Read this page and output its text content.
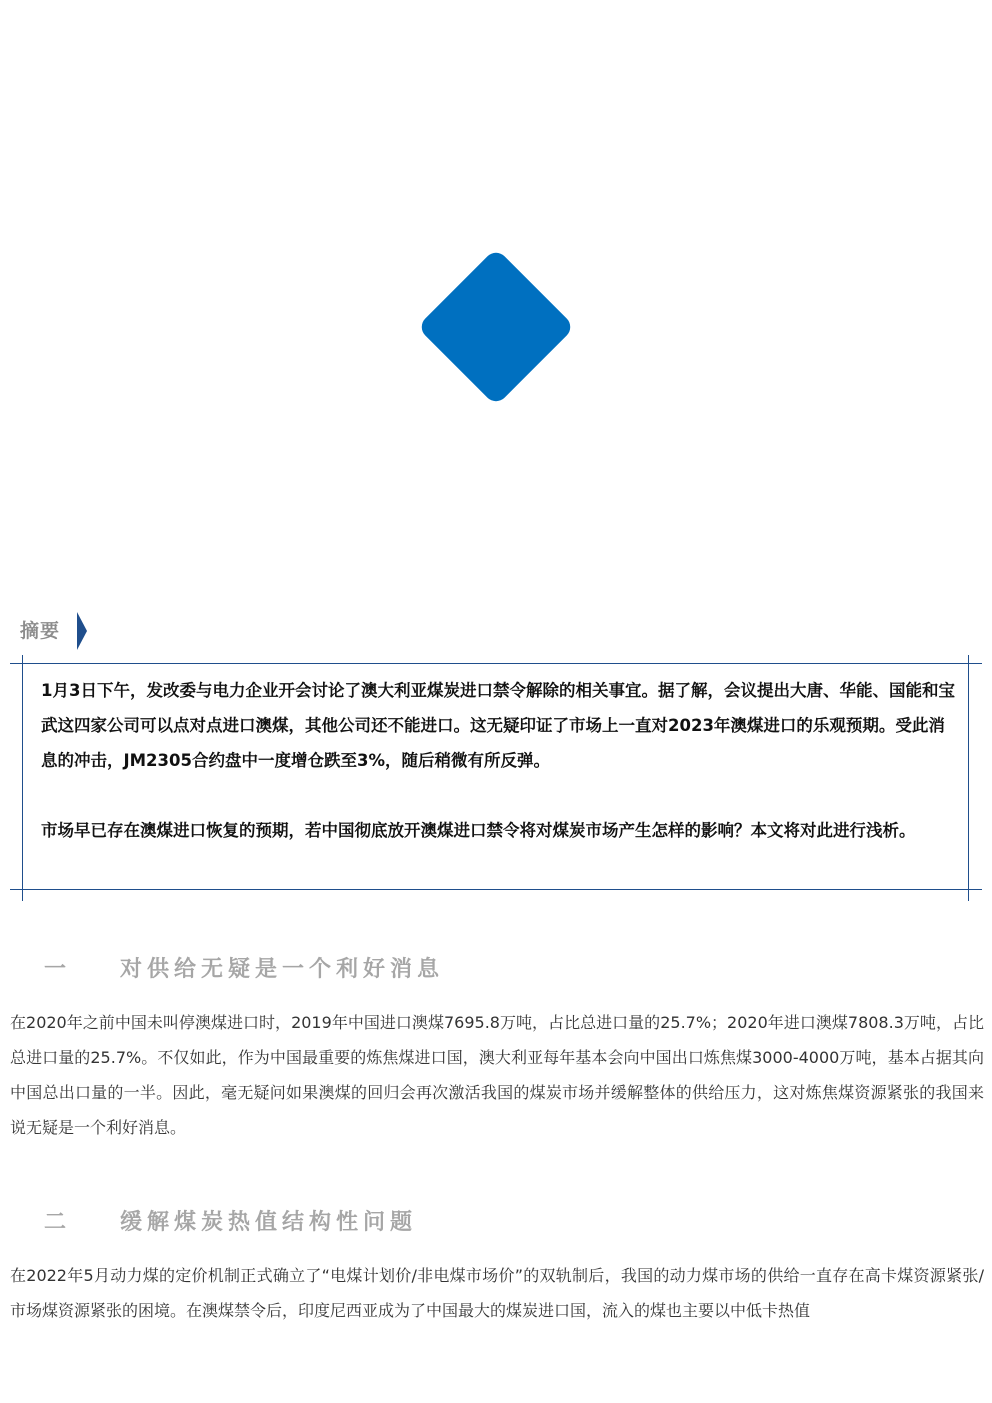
摘要

1月3日下午，发改委与电力企业开会讨论了澳大利亚煤炭进口禁令解除的相关事宜。据了解，会议提出大唐、华能、国能和宝武这四家公司可以点对点进口澳煤，其他公司还不能进口。这无疑印证了市场上一直对2023年澳煤进口的乐观预期。受此消息的冲击，JM2305合约盘中一度增仓跌至3%，随后稍微有所反弹。

市场早已存在澳煤进口恢复的预期，若中国彻底放开澳煤进口禁令将对煤炭市场产生怎样的影响？本文将对此进行浅析。

一 对供给无疑是一个利好消息

在2020年之前中国未叫停澳煤进口时，2019年中国进口澳煤7695.8万吨，占比总进口量的25.7%；2020年进口澳煤7808.3万吨，占比总进口量的25.7%。不仅如此，作为中国最重要的炼焦煤进口国，澳大利亚每年基本会向中国出口炼焦煤3000-4000万吨，基本占据其向中国总出口量的一半。因此，毫无疑问如果澳煤的回归会再次激活我国的煤炭市场并缓解整体的供给压力，这对炼焦煤资源紧张的我国来说无疑是一个利好消息。

二 缓解煤炭热值结构性问题

在2022年5月动力煤的定价机制正式确立了“电煤计划价/非电煤市场价”的双轨制后，我国的动力煤市场的供给一直存在高卡煤资源紧张/市场煤资源紧张的困境。在澳煤禁令后，印度尼西亚成为了中国最大的煤炭进口国，流入的煤也主要以中低卡热值
